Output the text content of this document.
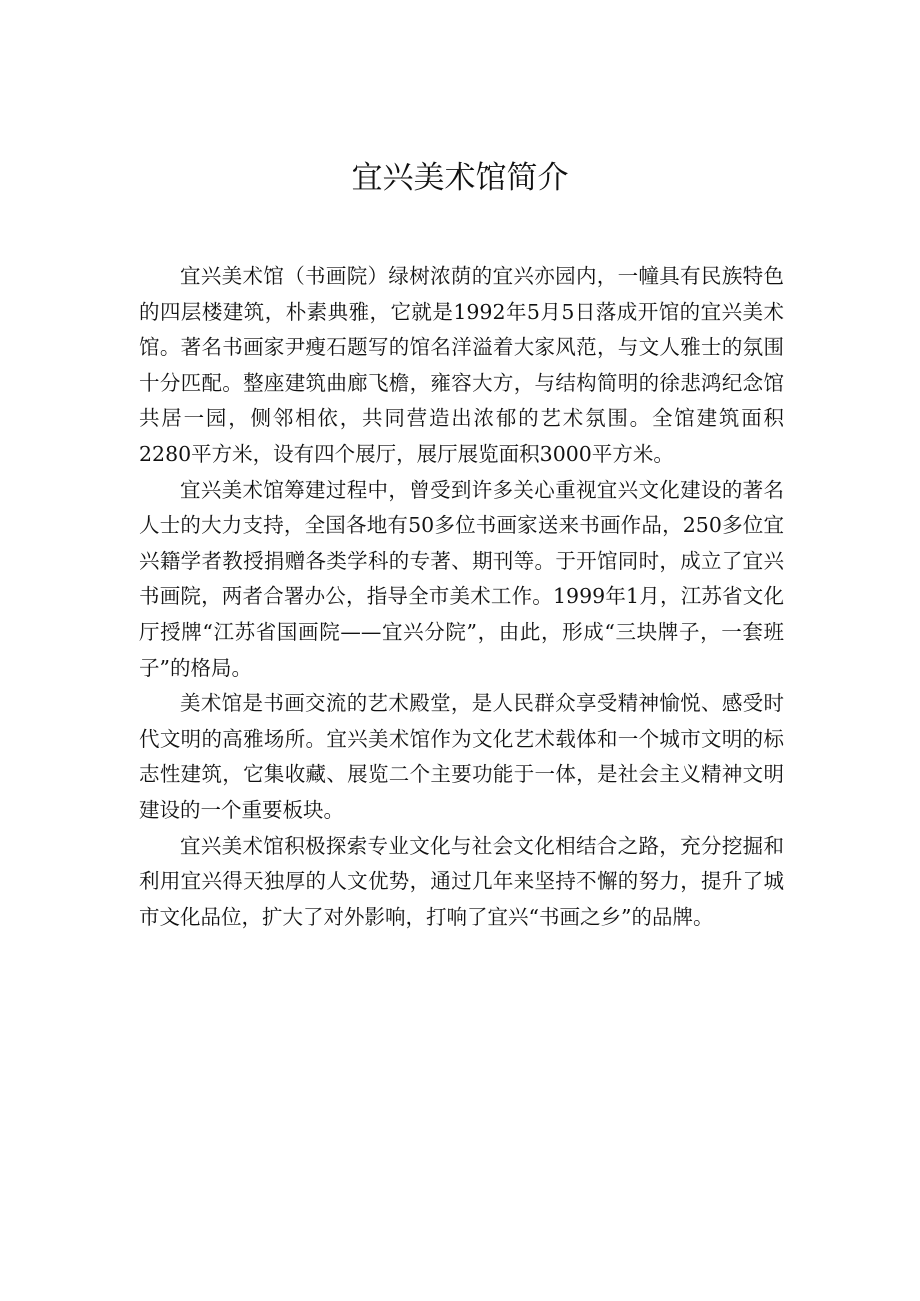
宜兴美术馆简介

宜兴美术馆（书画院）绿树浓荫的宜兴亦园内，一幢具有民族特色的四层楼建筑，朴素典雅，它就是1992年5月5日落成开馆的宜兴美术馆。著名书画家尹瘦石题写的馆名洋溢着大家风范，与文人雅士的氛围十分匹配。整座建筑曲廊飞檐，雍容大方，与结构简明的徐悲鸿纪念馆共居一园，侧邻相依，共同营造出浓郁的艺术氛围。全馆建筑面积2280平方米，设有四个展厅，展厅展览面积3000平方米。

宜兴美术馆筹建过程中，曾受到许多关心重视宜兴文化建设的著名人士的大力支持，全国各地有50多位书画家送来书画作品，250多位宜兴籍学者教授捐赠各类学科的专著、期刊等。于开馆同时，成立了宜兴书画院，两者合署办公，指导全市美术工作。1999年1月，江苏省文化厅授牌“江苏省国画院——宜兴分院”，由此，形成“三块牌子，一套班子”的格局。

美术馆是书画交流的艺术殿堂，是人民群众享受精神愉悦、感受时代文明的高雅场所。宜兴美术馆作为文化艺术载体和一个城市文明的标志性建筑，它集收藏、展览二个主要功能于一体，是社会主义精神文明建设的一个重要板块。

宜兴美术馆积极探索专业文化与社会文化相结合之路，充分挖掘和利用宜兴得天独厚的人文优势，通过几年来坚持不懈的努力，提升了城市文化品位，扩大了对外影响，打响了宜兴“书画之乡”的品牌。
